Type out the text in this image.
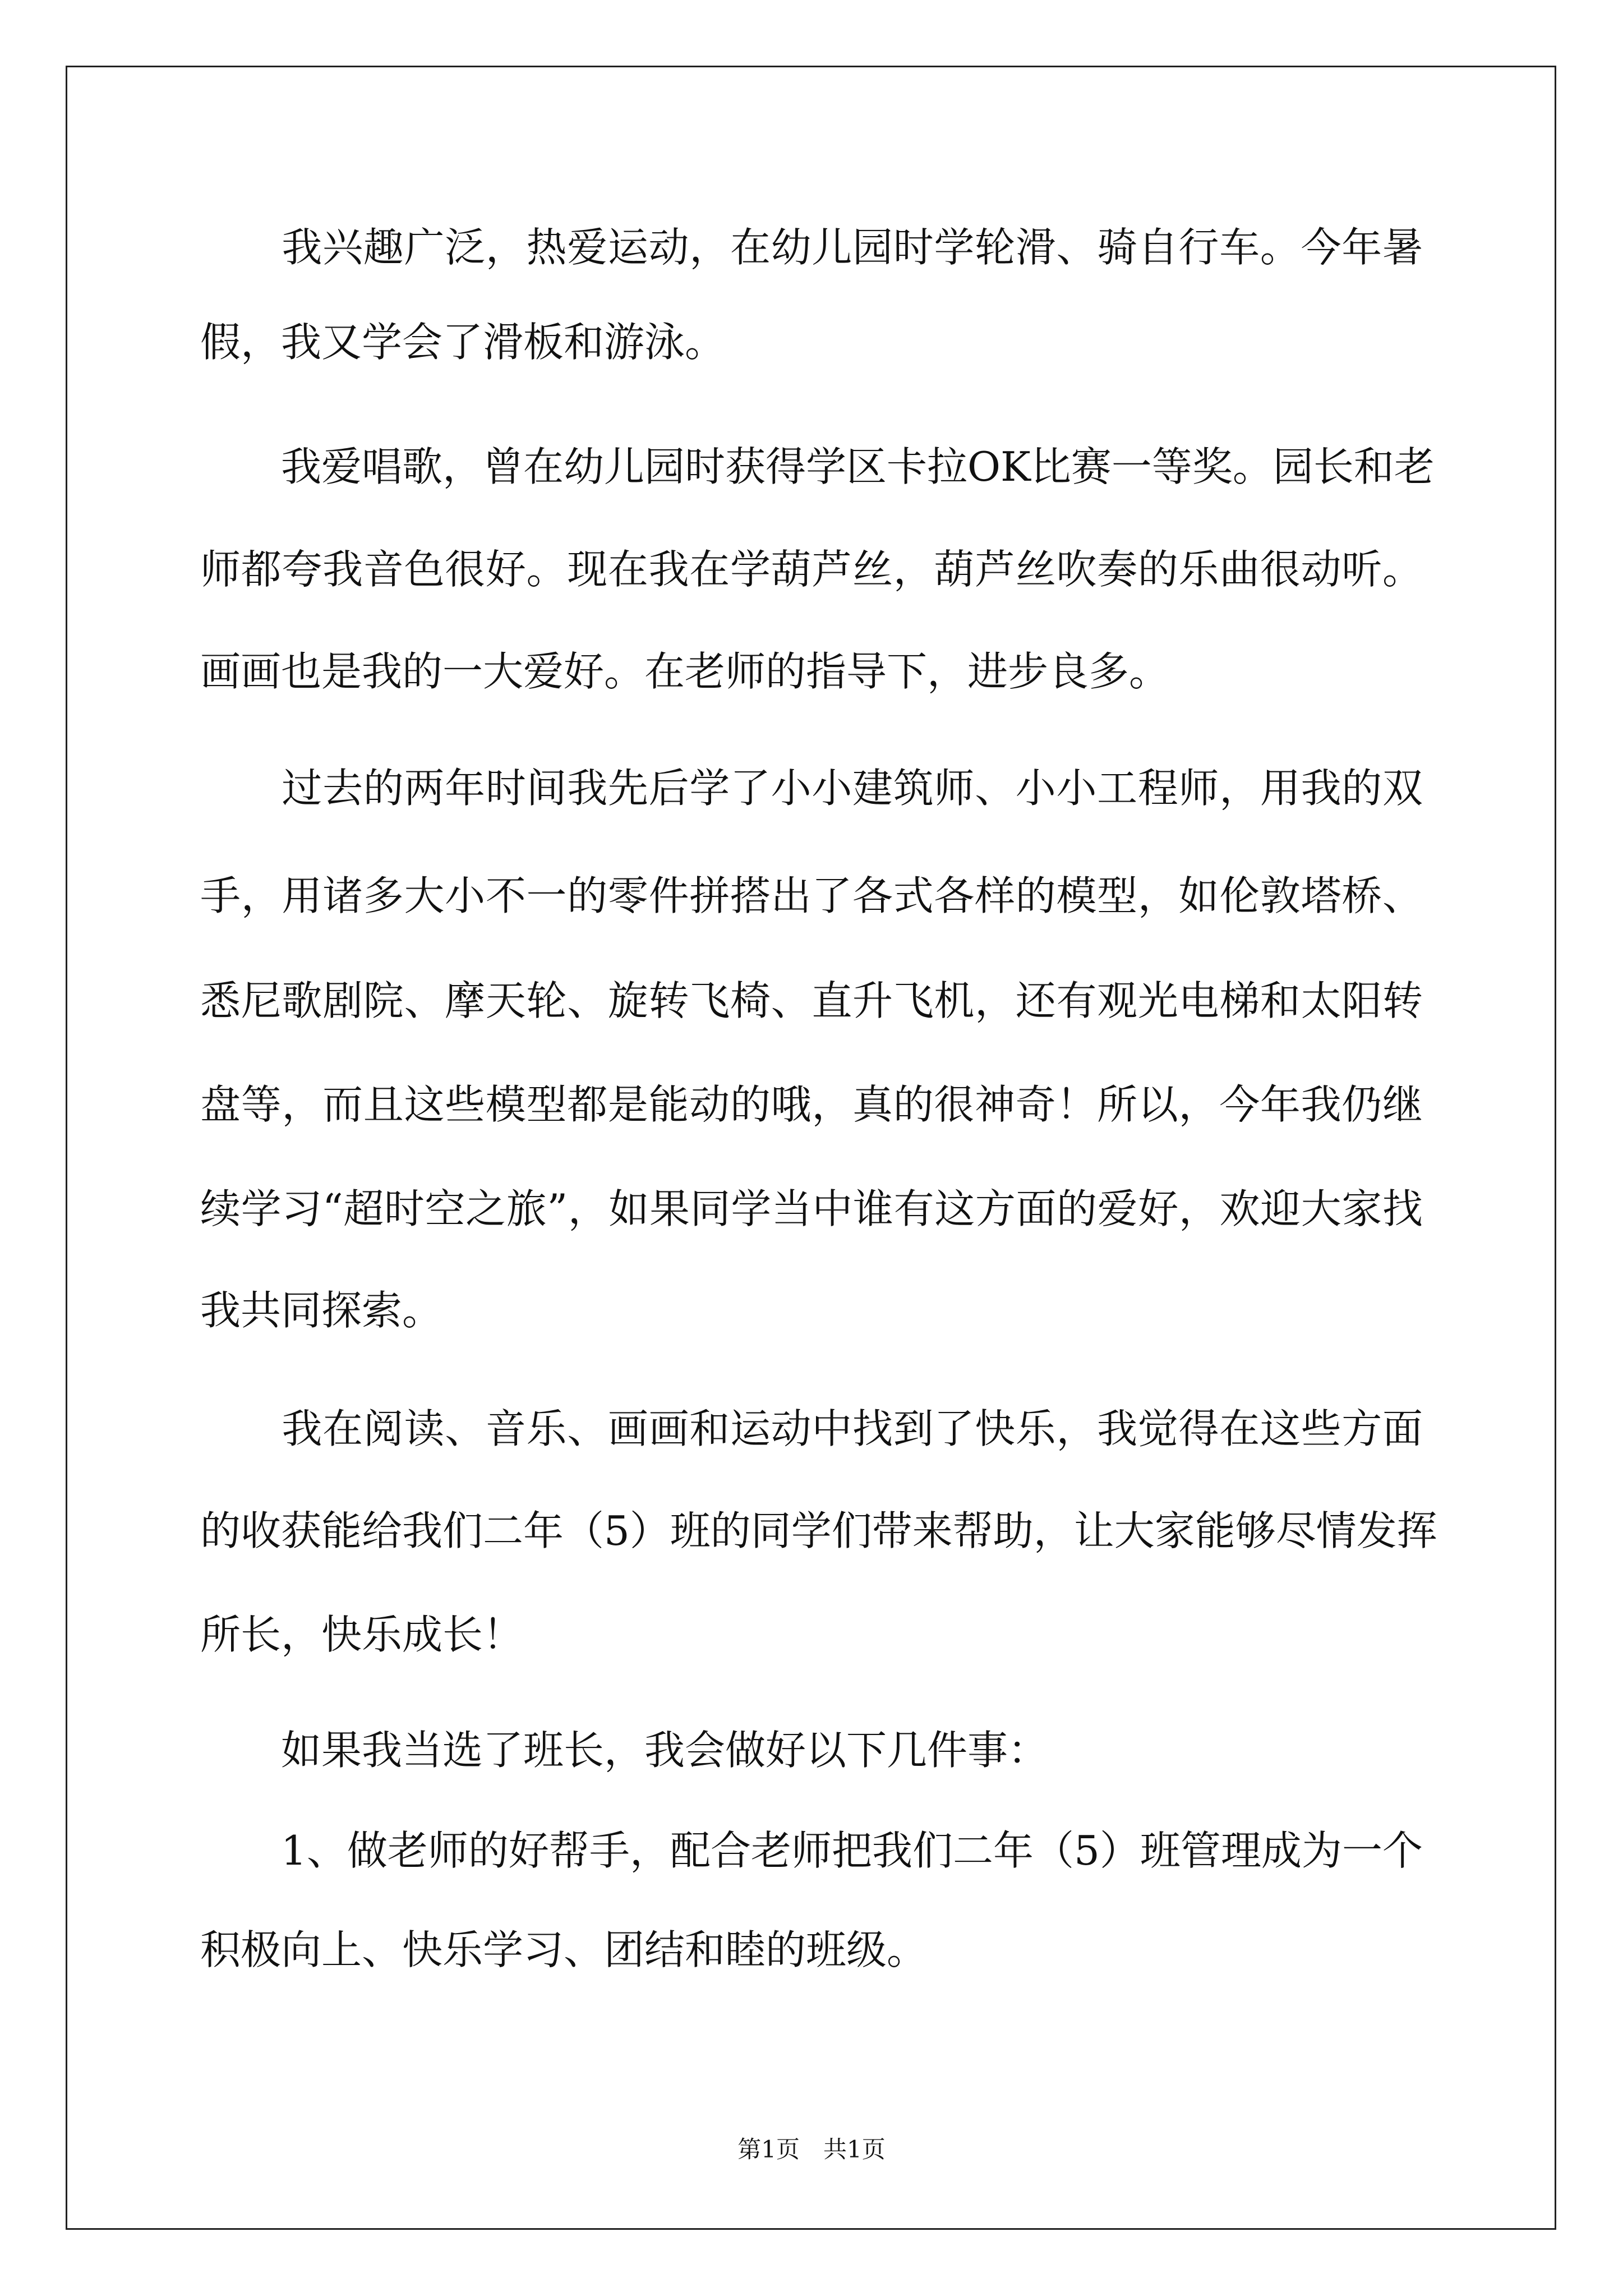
　　我兴趣广泛，热爱运动，在幼儿园时学轮滑、骑自行车。今年暑
假，我又学会了滑板和游泳。
　　我爱唱歌，曾在幼儿园时获得学区卡拉OK比赛一等奖。园长和老
师都夸我音色很好。现在我在学葫芦丝，葫芦丝吹奏的乐曲很动听。
画画也是我的一大爱好。在老师的指导下，进步良多。
　　过去的两年时间我先后学了小小建筑师、小小工程师，用我的双
手，用诸多大小不一的零件拼搭出了各式各样的模型，如伦敦塔桥、
悉尼歌剧院、摩天轮、旋转飞椅、直升飞机，还有观光电梯和太阳转
盘等，而且这些模型都是能动的哦，真的很神奇！所以，今年我仍继
续学习“超时空之旅”，如果同学当中谁有这方面的爱好，欢迎大家找
我共同探索。
　　我在阅读、音乐、画画和运动中找到了快乐，我觉得在这些方面
的收获能给我们二年（5）班的同学们带来帮助，让大家能够尽情发挥
所长，快乐成长！
　　如果我当选了班长，我会做好以下几件事：
　　1、做老师的好帮手，配合老师把我们二年（5）班管理成为一个
积极向上、快乐学习、团结和睦的班级。
第1页　共1页
